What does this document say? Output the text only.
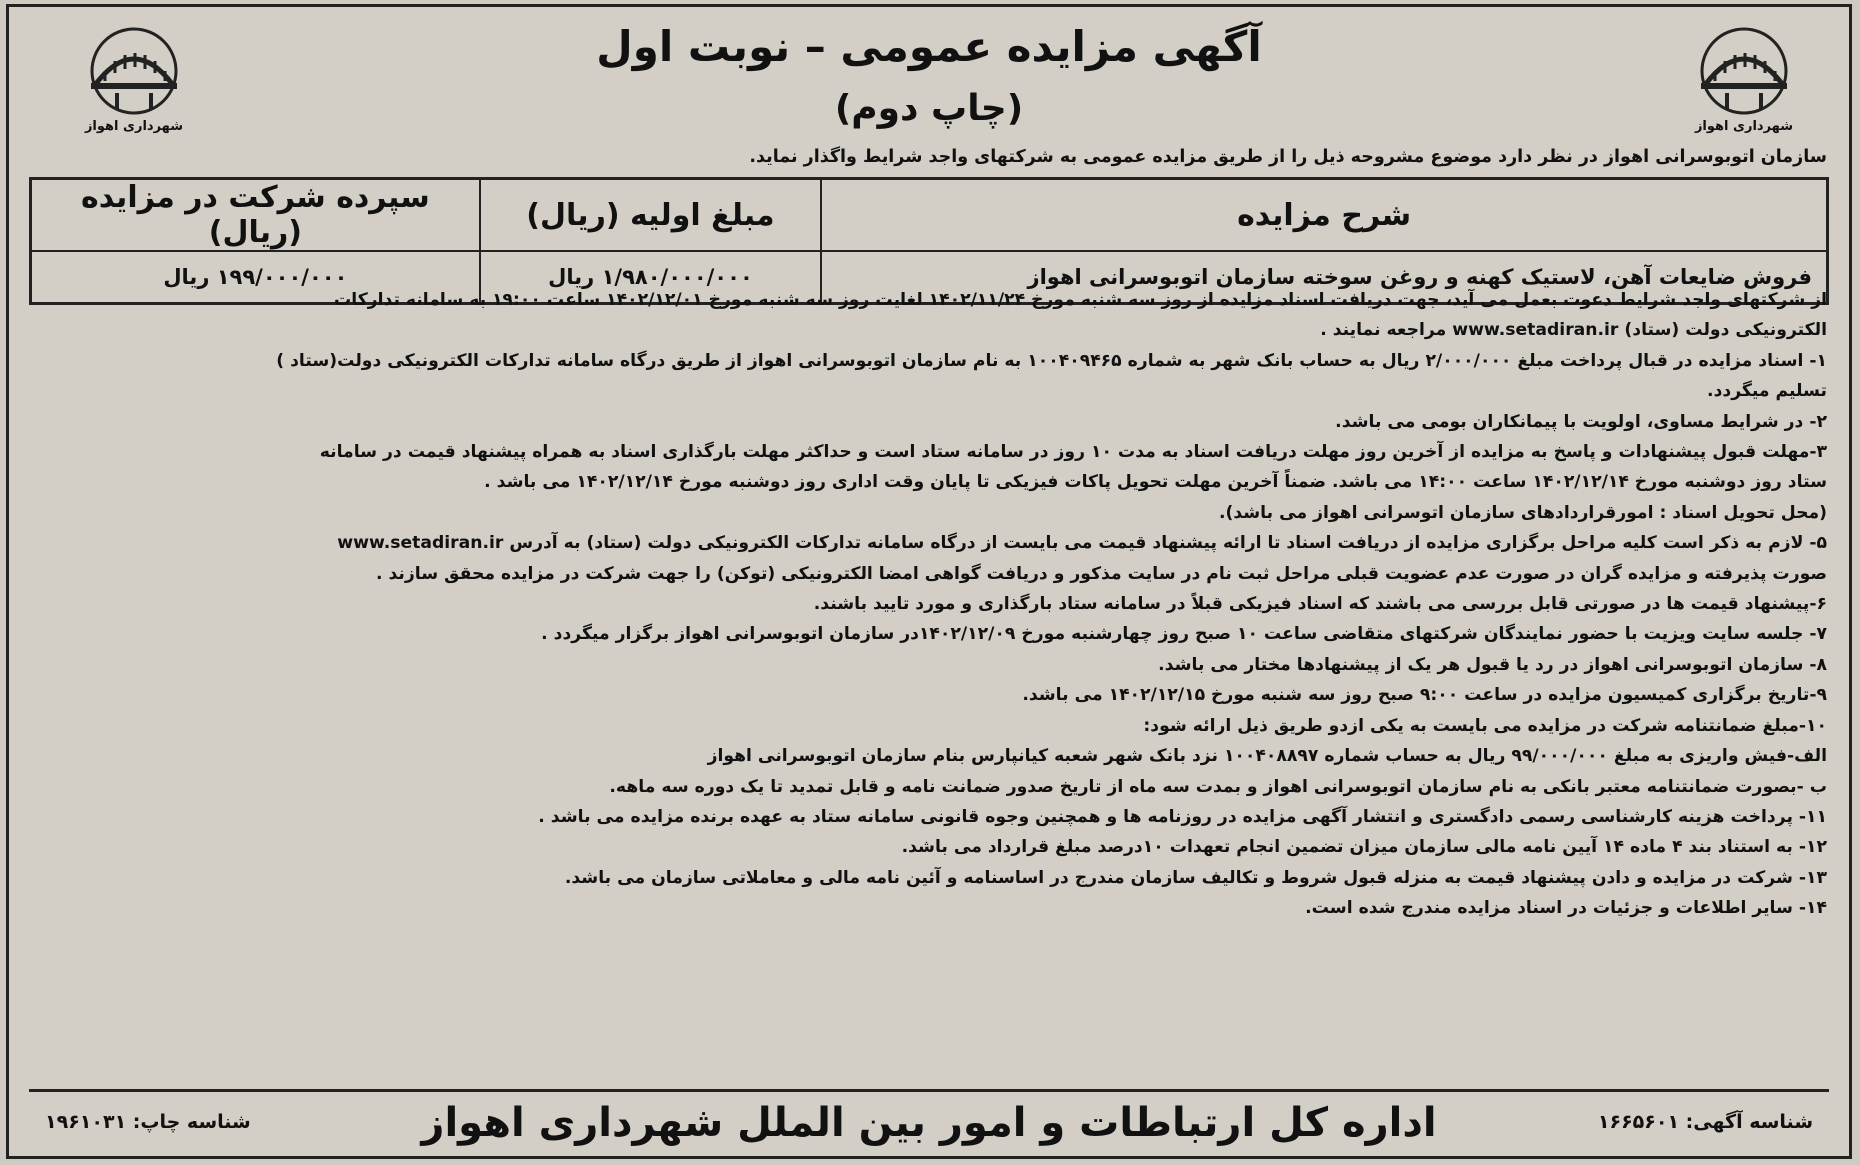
شهرداری اهواز
شهرداری اهواز
آگهی مزایده عمومی – نوبت اول
(چاپ دوم)
سازمان اتوبوسرانی اهواز در نظر دارد موضوع مشروحه ذیل را از طریق مزایده عمومی به شرکتهای واجد شرایط واگذار نماید.
شرح مزایده	مبلغ اولیه (ریال)	سپرده شرکت در مزایده (ریال)
فروش ضایعات آهن، لاستیک کهنه و روغن سوخته سازمان اتوبوسرانی اهواز	۱/۹۸۰/۰۰۰/۰۰۰ ریال	۱۹۹/۰۰۰/۰۰۰ ریال

از شرکتهای واجد شرایط دعوت بعمل می آید، جهت دریافت اسناد مزایده از روز سه شنبه مورخ ۱۴۰۲/۱۱/۲۴ لغایت روز سه شنبه مورخ ۱۴۰۲/۱۲/۰۱ ساعت ۱۹:۰۰ به سامانه تدارکات

الکترونیکی دولت (ستاد) www.setadiran.ir مراجعه نمایند .

۱- اسناد مزایده در قبال پرداخت مبلغ ۲/۰۰۰/۰۰۰ ریال به حساب بانک شهر به شماره ۱۰۰۴۰۹۴۶۵ به نام سازمان اتوبوسرانی اهواز از طریق درگاه سامانه تدارکات الکترونیکی دولت(ستاد )

تسلیم میگردد.

۲- در شرایط مساوی، اولویت با پیمانکاران بومی می باشد.

۳-مهلت قبول پیشنهادات و پاسخ به مزایده از آخرین روز مهلت دریافت اسناد به مدت ۱۰ روز در سامانه ستاد است و حداکثر مهلت بارگذاری اسناد به همراه پیشنهاد قیمت در سامانه

ستاد روز دوشنبه مورخ ۱۴۰۲/۱۲/۱۴ ساعت ۱۴:۰۰ می باشد. ضمناً آخرین مهلت تحویل پاکات فیزیکی تا پایان وقت اداری روز دوشنبه مورخ ۱۴۰۲/۱۲/۱۴ می باشد .

(محل تحویل اسناد : امورقراردادهای سازمان اتوسرانی اهواز می باشد).

۵- لازم به ذکر است کلیه مراحل برگزاری مزایده از دریافت اسناد تا ارائه پیشنهاد قیمت می بایست از درگاه سامانه تدارکات الکترونیکی دولت (ستاد) به آدرس www.setadiran.ir

صورت پذیرفته و مزایده گران در صورت عدم عضویت قبلی مراحل ثبت نام در سایت مذکور و دریافت گواهی امضا الکترونیکی (توکن) را جهت شرکت در مزایده محقق سازند .

۶-پیشنهاد قیمت ها در صورتی قابل بررسی می باشند که اسناد فیزیکی قبلاً در سامانه ستاد بارگذاری و مورد تایید باشند.

۷- جلسه سایت ویزیت با حضور نمایندگان شرکتهای متقاضی ساعت ۱۰ صبح روز چهارشنبه مورخ ۱۴۰۲/۱۲/۰۹در سازمان اتوبوسرانی اهواز برگزار میگردد .

۸- سازمان اتوبوسرانی اهواز در رد یا قبول هر یک از پیشنهادها مختار می باشد.

۹-تاریخ برگزاری کمیسیون مزایده در ساعت ۹:۰۰ صبح روز سه شنبه مورخ ۱۴۰۲/۱۲/۱۵ می باشد.

۱۰-مبلغ ضمانتنامه شرکت در مزایده می بایست به یکی ازدو طریق ذیل ارائه شود:

الف-فیش واریزی به مبلغ ۹۹/۰۰۰/۰۰۰ ریال به حساب شماره ۱۰۰۴۰۸۸۹۷ نزد بانک شهر شعبه کیانپارس بنام سازمان اتوبوسرانی اهواز

ب -بصورت ضمانتنامه معتبر بانکی به نام سازمان اتوبوسرانی اهواز و بمدت سه ماه از تاریخ صدور ضمانت نامه و قابل تمدید تا یک دوره سه ماهه.

۱۱- پرداخت هزینه کارشناسی رسمی دادگستری و انتشار آگهی مزایده در روزنامه ها و همچنین وجوه قانونی سامانه ستاد به عهده برنده مزایده می باشد .

۱۲- به استناد بند ۴ ماده ۱۴ آیین نامه مالی سازمان میزان تضمین انجام تعهدات ۱۰درصد مبلغ قرارداد می باشد.

۱۳- شرکت در مزایده و دادن پیشنهاد قیمت به منزله قبول شروط و تکالیف سازمان مندرج در اساسنامه و آئین نامه مالی و معاملاتی سازمان می باشد.

۱۴- سایر اطلاعات و جزئیات در اسناد مزایده مندرج شده است.

شناسه آگهی: ۱۶۶۵۶۰۱
اداره کل ارتباطات و امور بین الملل شهرداری اهواز
شناسه چاپ: ۱۹۶۱۰۳۱
